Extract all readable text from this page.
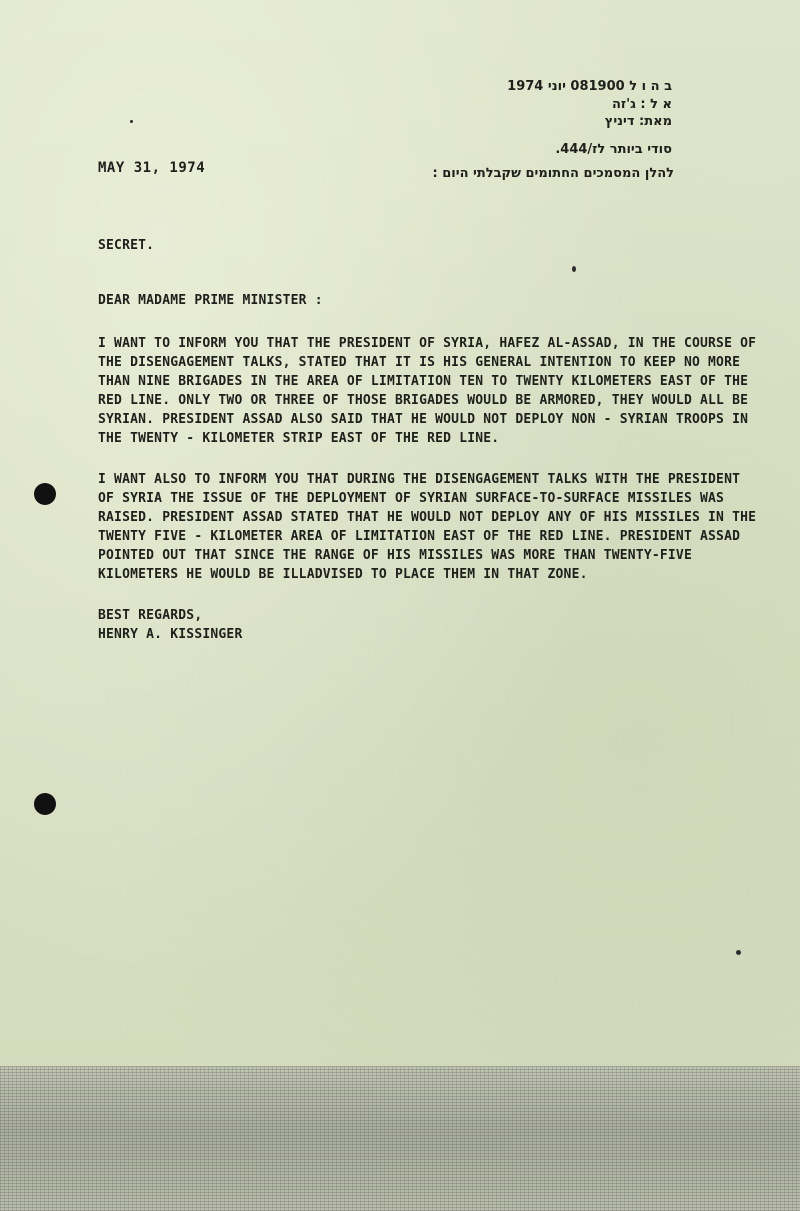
ב ה ו ל 081900 יוני 1974
א ל : ג'זה
מאת: דיניץ
סודי ביותר לז/444.
MAY 31, 1974	להלן המסמכים החתומים שקבלתי היום :
SECRET.
DEAR MADAME PRIME MINISTER :

I WANT TO INFORM YOU THAT THE PRESIDENT OF SYRIA, HAFEZ AL-ASSAD, IN THE COURSE OF THE DISENGAGEMENT TALKS, STATED THAT IT IS HIS GENERAL INTENTION TO KEEP NO MORE THAN NINE BRIGADES IN THE AREA OF LIMITATION TEN TO TWENTY KILOMETERS EAST OF THE RED LINE. ONLY TWO OR THREE OF THOSE BRIGADES WOULD BE ARMORED, THEY WOULD ALL BE SYRIAN. PRESIDENT ASSAD ALSO SAID THAT HE WOULD NOT DEPLOY NON - SYRIAN TROOPS IN THE TWENTY - KILOMETER STRIP EAST OF THE RED LINE.

I WANT ALSO TO INFORM YOU THAT DURING THE DISENGAGEMENT TALKS WITH THE PRESIDENT OF SYRIA THE ISSUE OF THE DEPLOYMENT OF SYRIAN SURFACE-TO-SURFACE MISSILES WAS RAISED. PRESIDENT ASSAD STATED THAT HE WOULD NOT DEPLOY ANY OF HIS MISSILES IN THE TWENTY FIVE - KILOMETER AREA OF LIMITATION EAST OF THE RED LINE. PRESIDENT ASSAD POINTED OUT THAT SINCE THE RANGE OF HIS MISSILES WAS MORE THAN TWENTY-FIVE KILOMETERS HE WOULD BE ILLADVISED TO PLACE THEM IN THAT ZONE.

BEST REGARDS,
HENRY A. KISSINGER
